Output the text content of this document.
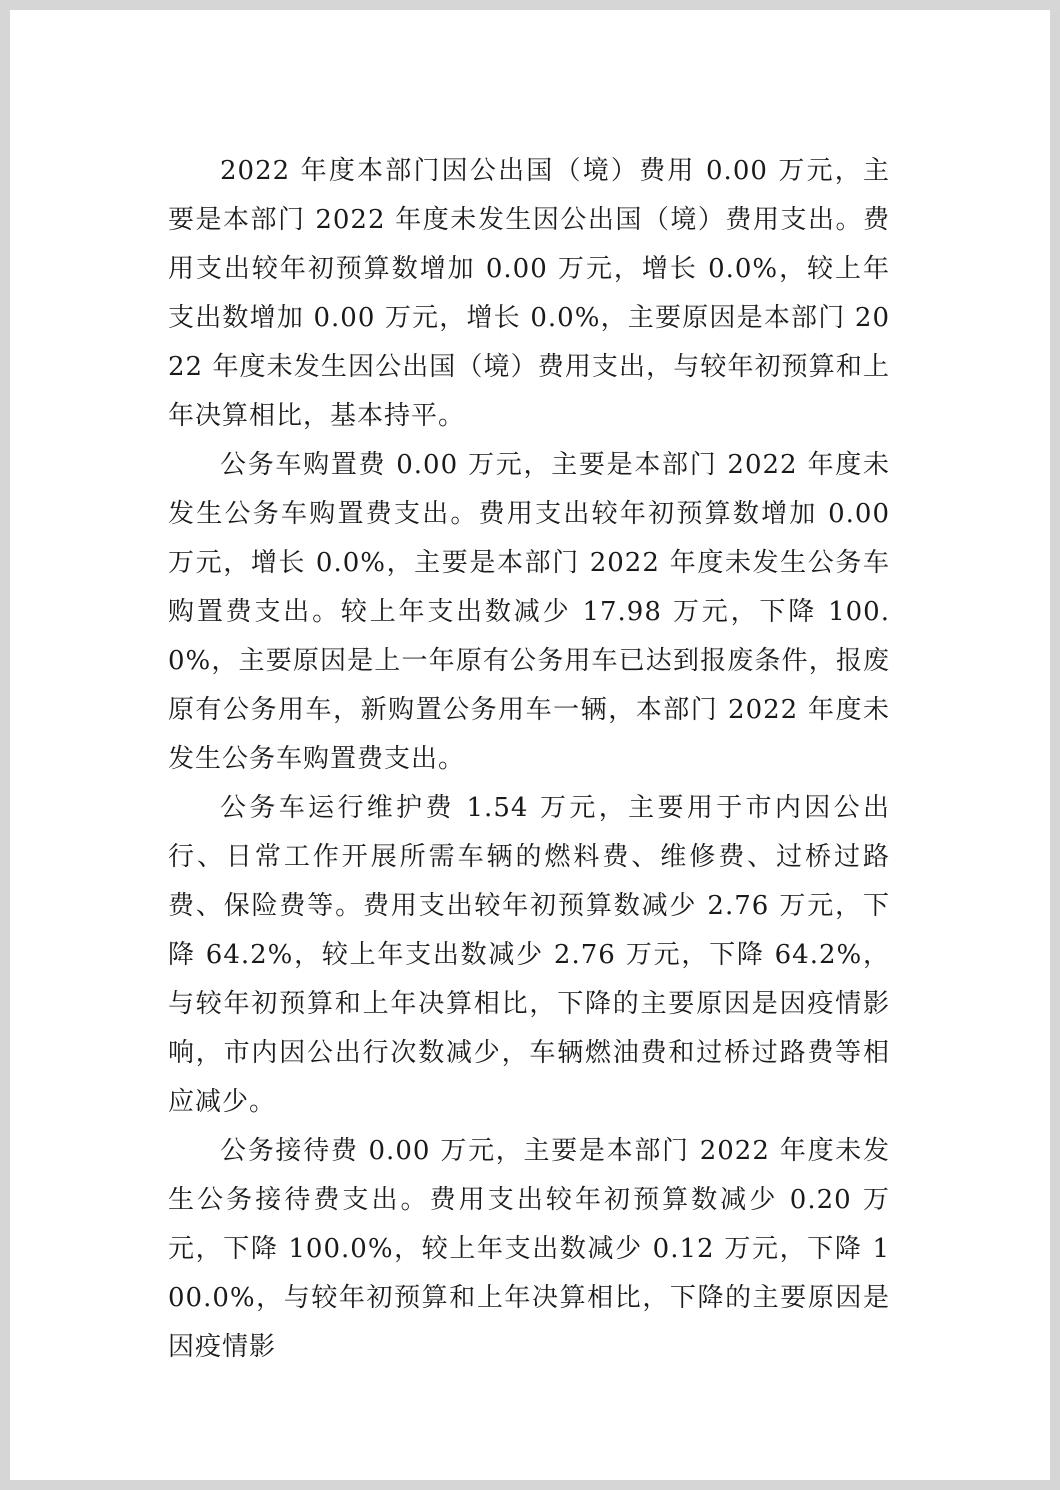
2022 年度本部门因公出国（境）费用 0.00 万元，主要是本部门 2022 年度未发生因公出国（境）费用支出。费用支出较年初预算数增加 0.00 万元，增长 0.0%，较上年支出数增加 0.00 万元，增长 0.0%，主要原因是本部门 2022 年度未发生因公出国（境）费用支出，与较年初预算和上年决算相比，基本持平。

公务车购置费 0.00 万元，主要是本部门 2022 年度未发生公务车购置费支出。费用支出较年初预算数增加 0.00 万元，增长 0.0%，主要是本部门 2022 年度未发生公务车购置费支出。较上年支出数减少 17.98 万元，下降 100.0%，主要原因是上一年原有公务用车已达到报废条件，报废原有公务用车，新购置公务用车一辆，本部门 2022 年度未发生公务车购置费支出。

公务车运行维护费 1.54 万元，主要用于市内因公出行、日常工作开展所需车辆的燃料费、维修费、过桥过路费、保险费等。费用支出较年初预算数减少 2.76 万元，下降 64.2%，较上年支出数减少 2.76 万元，下降 64.2%，与较年初预算和上年决算相比，下降的主要原因是因疫情影响，市内因公出行次数减少，车辆燃油费和过桥过路费等相应减少。

公务接待费 0.00 万元，主要是本部门 2022 年度未发生公务接待费支出。费用支出较年初预算数减少 0.20 万元，下降 100.0%，较上年支出数减少 0.12 万元，下降 100.0%，与较年初预算和上年决算相比，下降的主要原因是因疫情影
